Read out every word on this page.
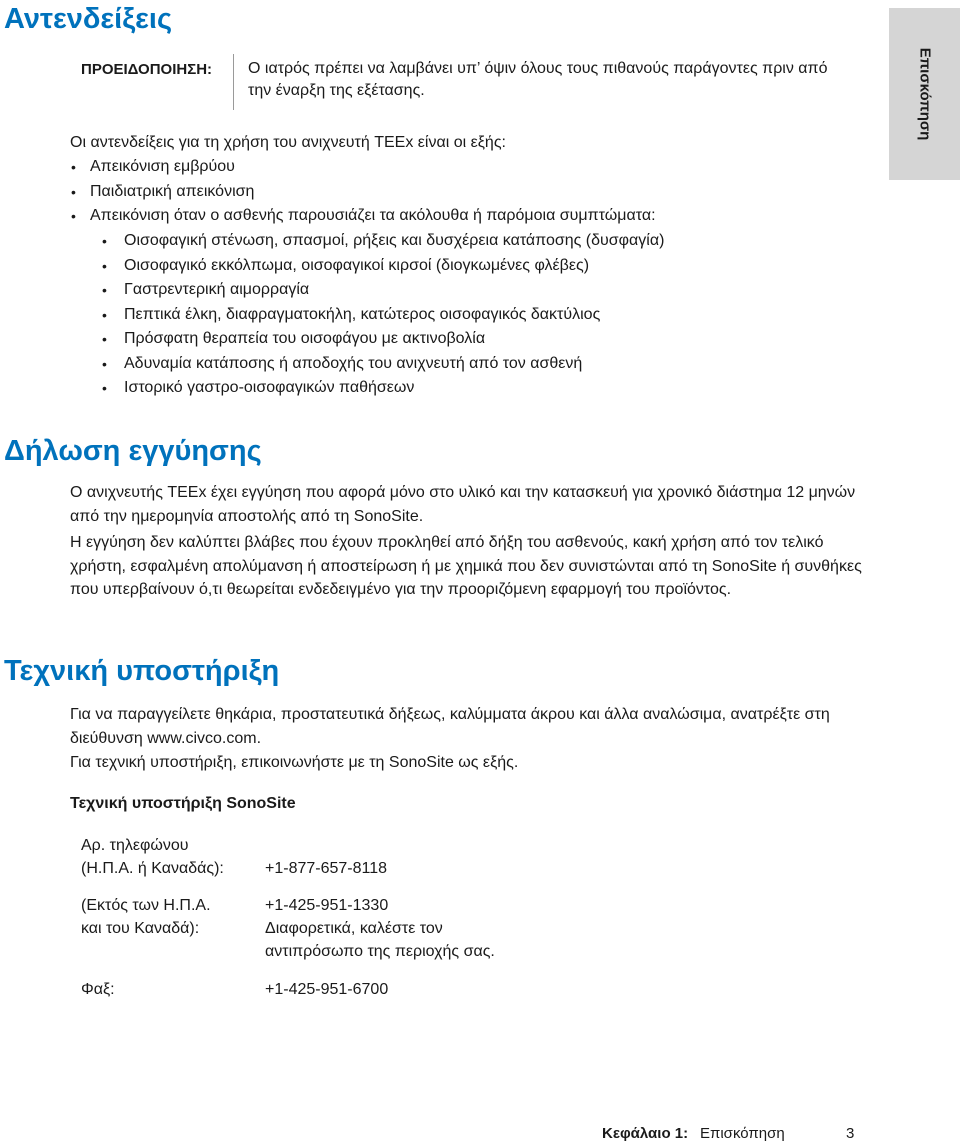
Αντενδείξεις
Επισκόπηση
ΠΡΟΕΙΔΟΠΟΙΗΣΗ: Ο ιατρός πρέπει να λαμβάνει υπ’ όψιν όλους τους πιθανούς παράγοντες πριν από την έναρξη της εξέτασης.
Οι αντενδείξεις για τη χρήση του ανιχνευτή TEEx είναι οι εξής:
• Απεικόνιση εμβρύου
• Παιδιατρική απεικόνιση
• Απεικόνιση όταν ο ασθενής παρουσιάζει τα ακόλουθα ή παρόμοια συμπτώματα:
• Οισοφαγική στένωση, σπασμοί, ρήξεις και δυσχέρεια κατάποσης (δυσφαγία)
• Οισοφαγικό εκκόλπωμα, οισοφαγικοί κιρσοί (διογκωμένες φλέβες)
• Γαστρεντερική αιμορραγία
• Πεπτικά έλκη, διαφραγματοκήλη, κατώτερος οισοφαγικός δακτύλιος
• Πρόσφατη θεραπεία του οισοφάγου με ακτινοβολία
• Αδυναμία κατάποσης ή αποδοχής του ανιχνευτή από τον ασθενή
• Ιστορικό γαστρο-οισοφαγικών παθήσεων
Δήλωση εγγύησης
Ο ανιχνευτής TEEx έχει εγγύηση που αφορά μόνο στο υλικό και την κατασκευή για χρονικό διάστημα 12 μηνών από την ημερομηνία αποστολής από τη SonoSite.
Η εγγύηση δεν καλύπτει βλάβες που έχουν προκληθεί από δήξη του ασθενούς, κακή χρήση από τον τελικό χρήστη, εσφαλμένη απολύμανση ή αποστείρωση ή με χημικά που δεν συνιστώνται από τη SonoSite ή συνθήκες που υπερβαίνουν ό,τι θεωρείται ενδεδειγμένο για την προοριζόμενη εφαρμογή του προϊόντος.
Τεχνική υποστήριξη
Για να παραγγείλετε θηκάρια, προστατευτικά δήξεως, καλύμματα άκρου και άλλα αναλώσιμα, ανατρέξτε στη διεύθυνση www.civco.com.
Για τεχνική υποστήριξη, επικοινωνήστε με τη SonoSite ως εξής.
Τεχνική υποστήριξη SonoSite
Αρ. τηλεφώνου
(Η.Π.Α. ή Καναδάς):	+1-877-657-8118
(Εκτός των Η.Π.Α.
και του Καναδά):
+1-425-951-1330
Διαφορετικά, καλέστε τον
αντιπρόσωπο της περιοχής σας.
Φαξ:	+1-425-951-6700
Κεφάλαιο 1: Επισκόπηση	3
